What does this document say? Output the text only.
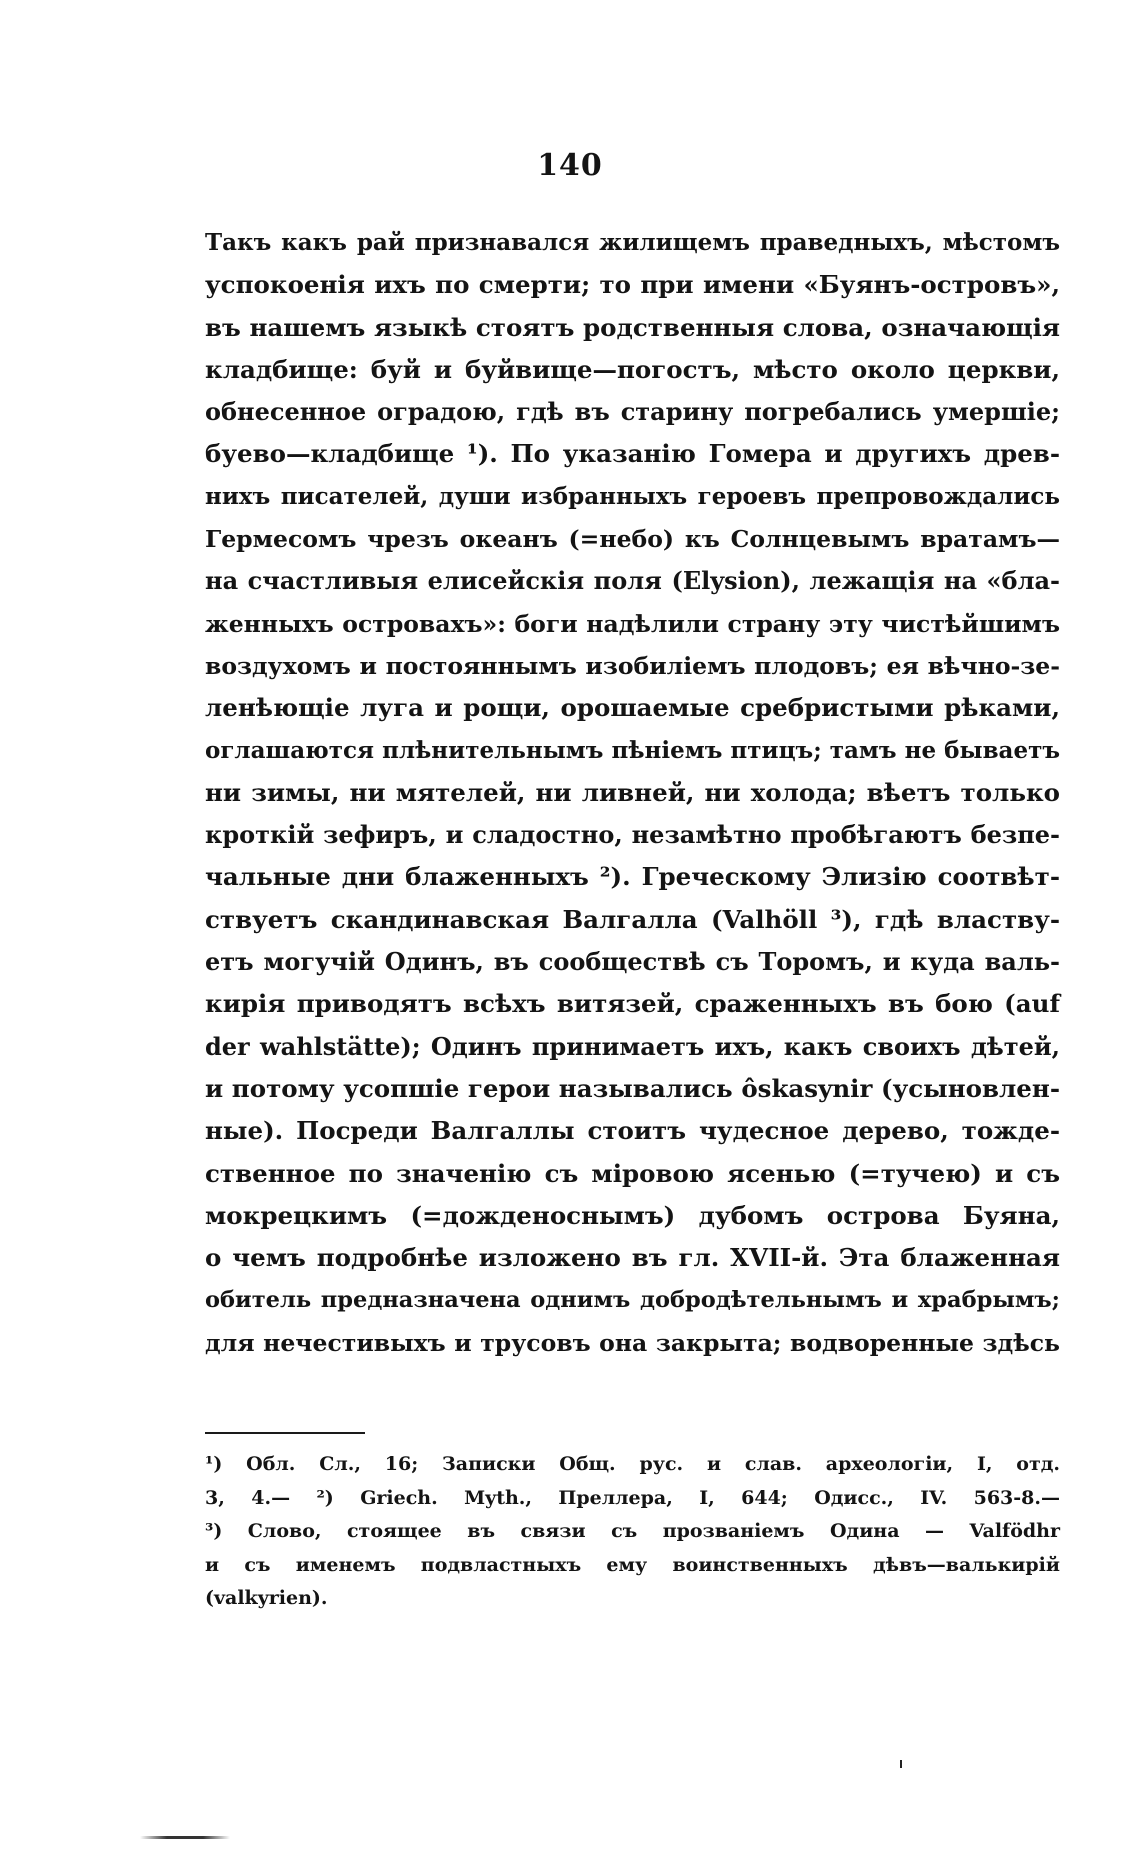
140
Такъ какъ рай признавался жилищемъ праведныхъ, мѣстомъ
успокоенія ихъ по смерти; то при имени «Буянъ-островъ»,
въ нашемъ языкѣ стоятъ родственныя слова, означающія
кладбище: буй и буйвище—погостъ, мѣсто около церкви,
обнесенное оградою, гдѣ въ старину погребались умершіе;
буево—кладбище ¹). По указанію Гомера и другихъ древ-
нихъ писателей, души избранныхъ героевъ препровождались
Гермесомъ чрезъ океанъ (=небо) къ Солнцевымъ вратамъ—
на счастливыя елисейскія поля (Elysion), лежащія на «бла-
женныхъ островахъ»: боги надѣлили страну эту чистѣйшимъ
воздухомъ и постояннымъ изобиліемъ плодовъ; ея вѣчно-зе-
ленѣющіе луга и рощи, орошаемые сребристыми рѣками,
оглашаются плѣнительнымъ пѣніемъ птицъ; тамъ не бываетъ
ни зимы, ни мятелей, ни ливней, ни холода; вѣетъ только
кроткій зефиръ, и сладостно, незамѣтно пробѣгаютъ безпе-
чальные дни блаженныхъ ²). Греческому Элизію соотвѣт-
ствуетъ скандинавская Валгалла (Valhöll ³), гдѣ властву-
етъ могучій Одинъ, въ сообществѣ съ Торомъ, и куда валь-
кирія приводятъ всѣхъ витязей, сраженныхъ въ бою (auf
der wahlstätte); Одинъ принимаетъ ихъ, какъ своихъ дѣтей,
и потому усопшіе герои назывались ôskasynir (усыновлен-
ные). Посреди Валгаллы стоитъ чудесное дерево, тожде-
ственное по значенію съ міровою ясенью (=тучею) и съ
мокрецкимъ (=дожденоснымъ) дубомъ острова Буяна,
о чемъ подробнѣе изложено въ гл. XVII-й. Эта блаженная
обитель предназначена однимъ добродѣтельнымъ и храбрымъ;
для нечестивыхъ и трусовъ она закрыта; водворенные здѣсь
¹) Обл. Сл., 16; Записки Общ. рус. и слав. археологіи, I, отд.
3, 4.— ²) Griech. Myth., Преллера, I, 644; Одисс., IV. 563-8.—
³) Слово, стоящее въ связи съ прозваніемъ Одина — Valfödhr
и съ именемъ подвластныхъ ему воинственныхъ дѣвъ—валькирій
(valkyrien).
